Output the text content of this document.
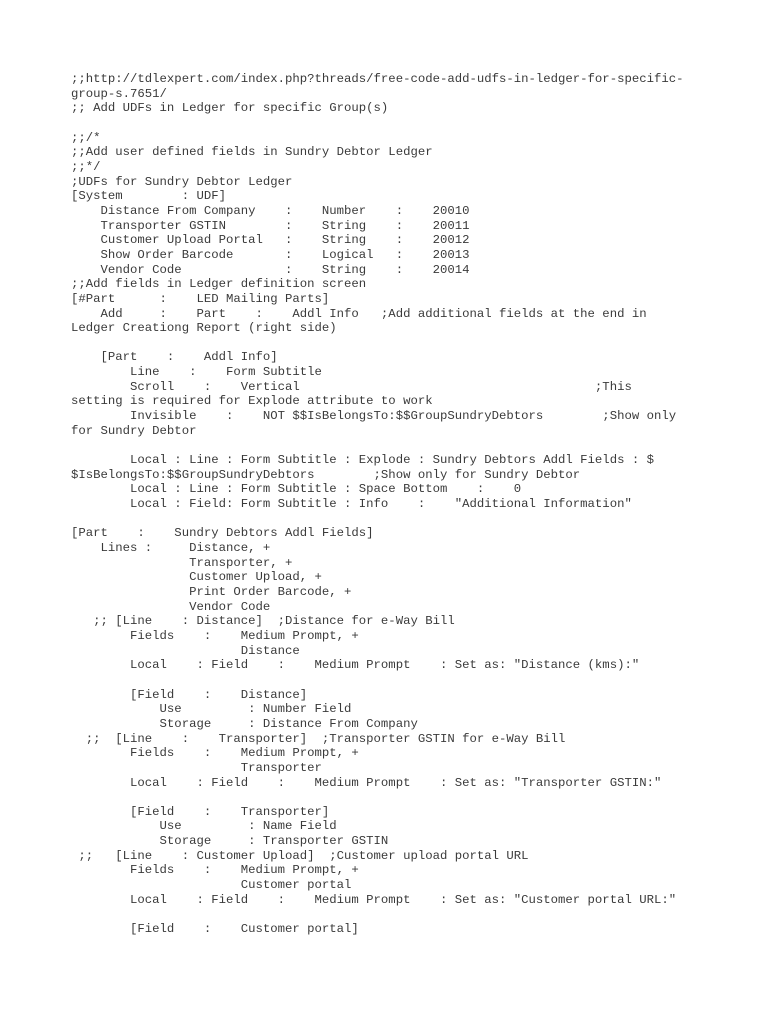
;;http://tdlexpert.com/index.php?threads/free-code-add-udfs-in-ledger-for-specific-
group-s.7651/
;; Add UDFs in Ledger for specific Group(s)
;;/*
;;Add user defined fields in Sundry Debtor Ledger
;;*/
;UDFs for Sundry Debtor Ledger
[System        : UDF]
Distance From Company    :    Number    :    20010
Transporter GSTIN        :    String    :    20011
Customer Upload Portal   :    String    :    20012
Show Order Barcode       :    Logical   :    20013
Vendor Code              :    String    :    20014
;;Add fields in Ledger definition screen
[#Part      :    LED Mailing Parts]
Add     :    Part    :    Addl Info   ;Add additional fields at the end in
Ledger Creationg Report (right side)
[Part    :    Addl Info]
Line    :    Form Subtitle
Scroll    :    Vertical                                        ;This
setting is required for Explode attribute to work
Invisible    :    NOT $$IsBelongsTo:$$GroupSundryDebtors        ;Show only
for Sundry Debtor
Local : Line : Form Subtitle : Explode : Sundry Debtors Addl Fields : $
$IsBelongsTo:$$GroupSundryDebtors        ;Show only for Sundry Debtor
Local : Line : Form Subtitle : Space Bottom    :    0
Local : Field: Form Subtitle : Info    :    "Additional Information"
[Part    :    Sundry Debtors Addl Fields]
Lines :     Distance, +
Transporter, +
Customer Upload, +
Print Order Barcode, +
Vendor Code
;; [Line    : Distance]  ;Distance for e-Way Bill
Fields    :    Medium Prompt, +
Distance
Local    : Field    :    Medium Prompt    : Set as: "Distance (kms):"
[Field    :    Distance]
Use         : Number Field
Storage     : Distance From Company
;;  [Line    :    Transporter]  ;Transporter GSTIN for e-Way Bill
Fields    :    Medium Prompt, +
Transporter
Local    : Field    :    Medium Prompt    : Set as: "Transporter GSTIN:"
[Field    :    Transporter]
Use         : Name Field
Storage     : Transporter GSTIN
;;   [Line    : Customer Upload]  ;Customer upload portal URL
Fields    :    Medium Prompt, +
Customer portal
Local    : Field    :    Medium Prompt    : Set as: "Customer portal URL:"
[Field    :    Customer portal]
